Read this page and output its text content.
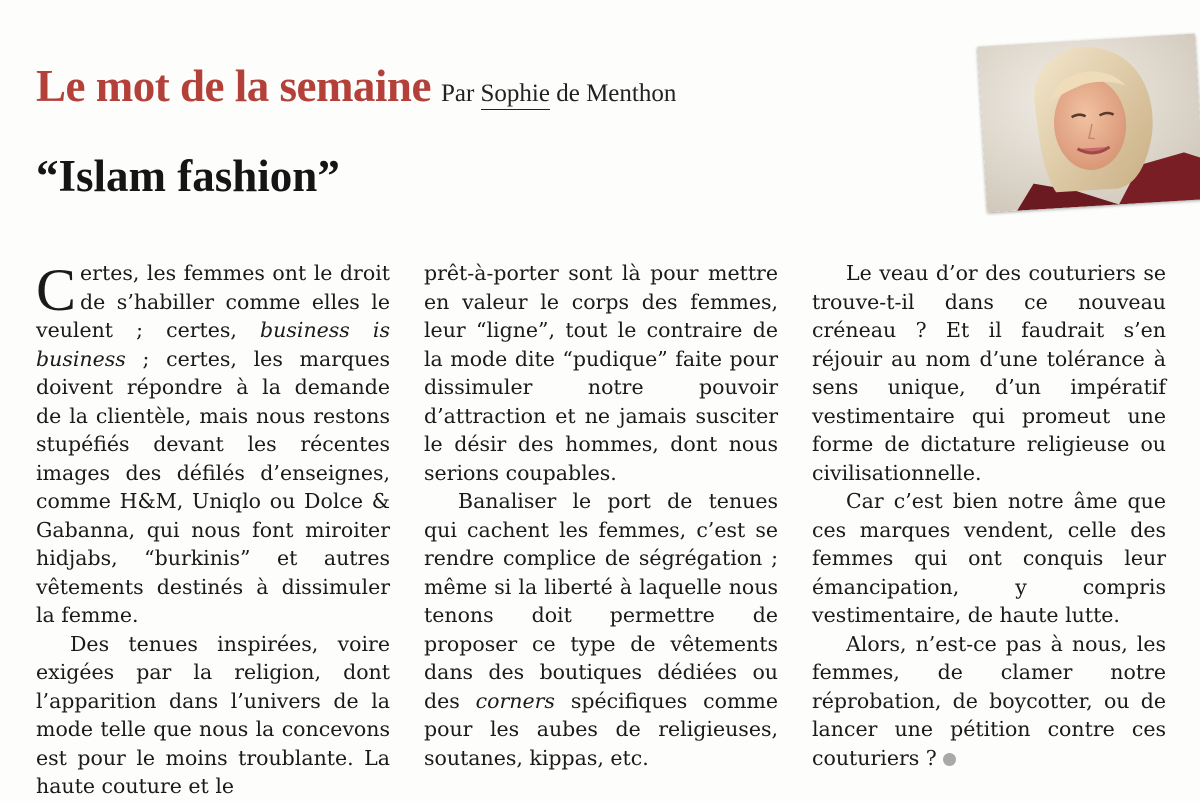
Le mot de la semaine Par Sophie de Menthon
“Islam fashion”

Certes, les femmes ont le droit de s’habiller comme elles le veulent ; certes, business is business ; certes, les marques doivent répondre à la demande de la clientèle, mais nous restons stupéfiés devant les récentes images des défilés d’enseignes, comme H&M, Uniqlo ou Dolce & Gabanna, qui nous font miroiter hidjabs, “burkinis” et autres vêtements destinés à dissimuler la femme.

Des tenues inspirées, voire exigées par la religion, dont l’apparition dans l’univers de la mode telle que nous la concevons est pour le moins troublante. La haute couture et le

prêt-à-porter sont là pour mettre en valeur le corps des femmes, leur “ligne”, tout le contraire de la mode dite “pudique” faite pour dissimuler notre pouvoir d’attraction et ne jamais susciter le désir des hommes, dont nous serions coupables.

Banaliser le port de tenues qui cachent les femmes, c’est se rendre complice de ségrégation ; même si la liberté à laquelle nous tenons doit permettre de proposer ce type de vêtements dans des boutiques dédiées ou des corners spécifiques comme pour les aubes de religieuses, soutanes, kippas, etc.

Le veau d’or des couturiers se trouve-t-il dans ce nouveau créneau ? Et il faudrait s’en réjouir au nom d’une tolérance à sens unique, d’un impératif vestimentaire qui promeut une forme de dictature religieuse ou civilisationnelle.

Car c’est bien notre âme que ces marques vendent, celle des femmes qui ont conquis leur émancipation, y compris vestimentaire, de haute lutte.

Alors, n’est-ce pas à nous, les femmes, de clamer notre réprobation, de boycotter, ou de lancer une pétition contre ces couturiers ?
